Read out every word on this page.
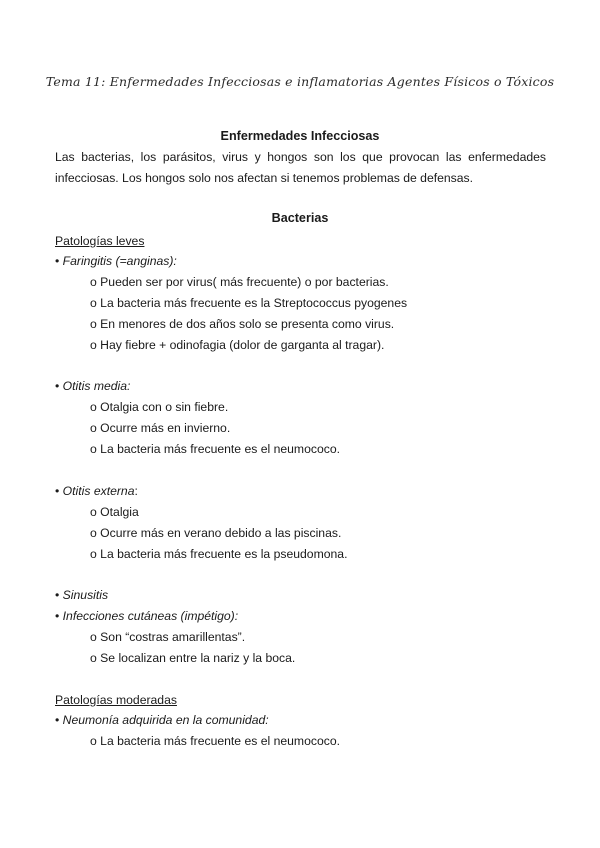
Tema 11: Enfermedades Infecciosas e inflamatorias Agentes Físicos o Tóxicos
Enfermedades Infecciosas
Las bacterias, los parásitos, virus y hongos son los que provocan las enfermedades infecciosas. Los hongos solo nos afectan si tenemos problemas de defensas.
Bacterias
Patologías leves
• Faringitis (=anginas):
o Pueden ser por virus( más frecuente) o por bacterias.
o La bacteria más frecuente es la Streptococcus pyogenes
o En menores de dos años solo se presenta como virus.
o Hay fiebre + odinofagia (dolor de garganta al tragar).
• Otitis media:
o Otalgia con o sin fiebre.
o Ocurre más en invierno.
o La bacteria más frecuente es el neumococo.
• Otitis externa:
o Otalgia
o Ocurre más en verano debido a las piscinas.
o La bacteria más frecuente es la pseudomona.
• Sinusitis
• Infecciones cutáneas (impétigo):
o Son “costras amarillentas”.
o Se localizan entre la nariz y la boca.
Patologías moderadas
• Neumonía adquirida en la comunidad:
o La bacteria más frecuente es el neumococo.
